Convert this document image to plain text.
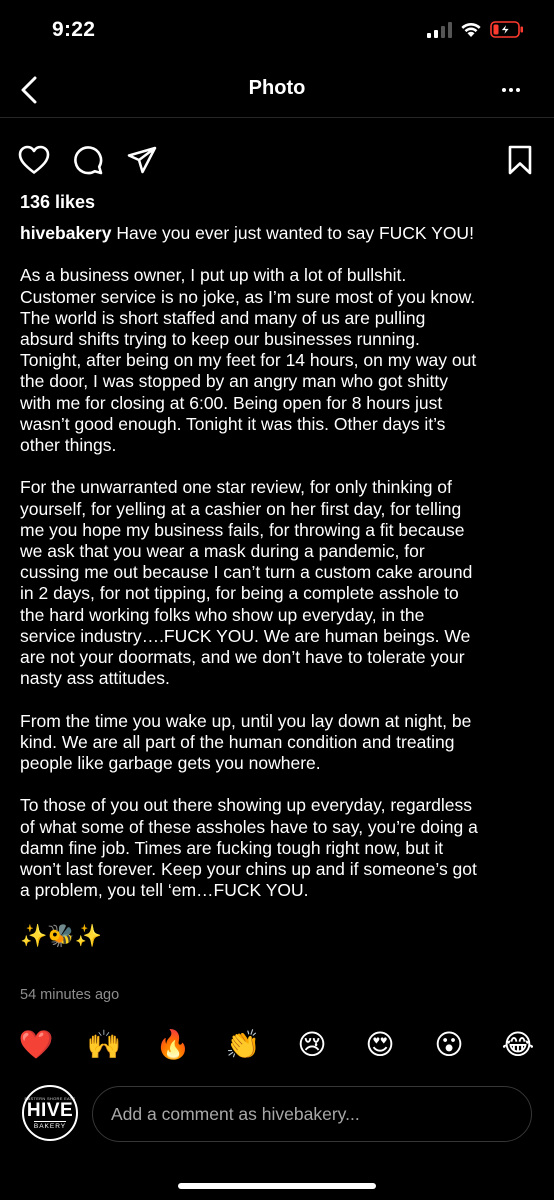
9:22
Photo
136 likes

hivebakery Have you ever just wanted to say FUCK YOU!

As a business owner, I put up with a lot of bullshit.
Customer service is no joke, as I’m sure most of you know.
The world is short staffed and many of us are pulling
absurd shifts trying to keep our businesses running.
Tonight, after being on my feet for 14 hours, on my way out
the door, I was stopped by an angry man who got shitty
with me for closing at 6:00. Being open for 8 hours just
wasn’t good enough. Tonight it was this. Other days it’s
other things.

For the unwarranted one star review, for only thinking of
yourself, for yelling at a cashier on her first day, for telling
me you hope my business fails, for throwing a fit because
we ask that you wear a mask during a pandemic, for
cussing me out because I can’t turn a custom cake around
in 2 days, for not tipping, for being a complete asshole to
the hard working folks who show up everyday, in the
service industry….FUCK YOU. We are human beings. We
are not your doormats, and we don’t have to tolerate your
nasty ass attitudes.

From the time you wake up, until you lay down at night, be
kind. We are all part of the human condition and treating
people like garbage gets you nowhere.

To those of you out there showing up everyday, regardless
of what some of these assholes have to say, you’re doing a
damn fine job. Times are fucking tough right now, but it
won’t last forever. Keep your chins up and if someone’s got
a problem, you tell ‘em…FUCK YOU.

✨🐝✨

54 minutes ago
❤️ 🙌 🔥 👏 😢 😍 😮 😂
EASTERN SHORE EATS
HIVE
BAKERY
Add a comment as hivebakery...
